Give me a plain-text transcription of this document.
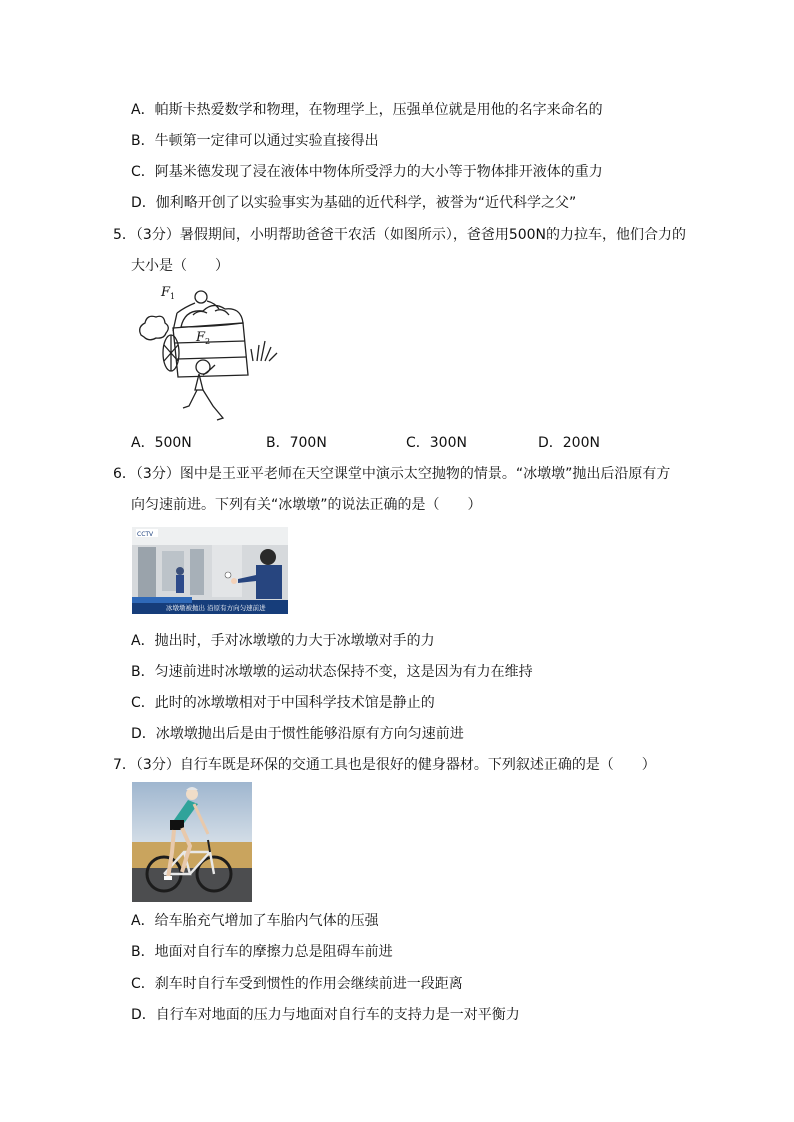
A．帕斯卡热爱数学和物理，在物理学上，压强单位就是用他的名字来命名的
B．牛顿第一定律可以通过实验直接得出
C．阿基米德发现了浸在液体中物体所受浮力的大小等于物体排开液体的重力
D．伽利略开创了以实验事实为基础的近代科学，被誉为“近代科学之父”
5．（3分）暑假期间，小明帮助爸爸干农活（如图所示），爸爸用500N的力拉车，他们合力的
大小是（　　）
F 1
F 2
A．500N	B．700N	C．300N	D．200N
6．（3分）图中是王亚平老师在天空课堂中演示太空抛物的情景。“冰墩墩”抛出后沿原有方
向匀速前进。下列有关“冰墩墩”的说法正确的是（　　）
CCTV
冰墩墩被抛出 沿原有方向匀速前进
A．抛出时，手对冰墩墩的力大于冰墩墩对手的力
B．匀速前进时冰墩墩的运动状态保持不变，这是因为有力在维持
C．此时的冰墩墩相对于中国科学技术馆是静止的
D．冰墩墩抛出后是由于惯性能够沿原有方向匀速前进
7．（3分）自行车既是环保的交通工具也是很好的健身器材。下列叙述正确的是（　　）
A．给车胎充气增加了车胎内气体的压强
B．地面对自行车的摩擦力总是阻碍车前进
C．刹车时自行车受到惯性的作用会继续前进一段距离
D．自行车对地面的压力与地面对自行车的支持力是一对平衡力
